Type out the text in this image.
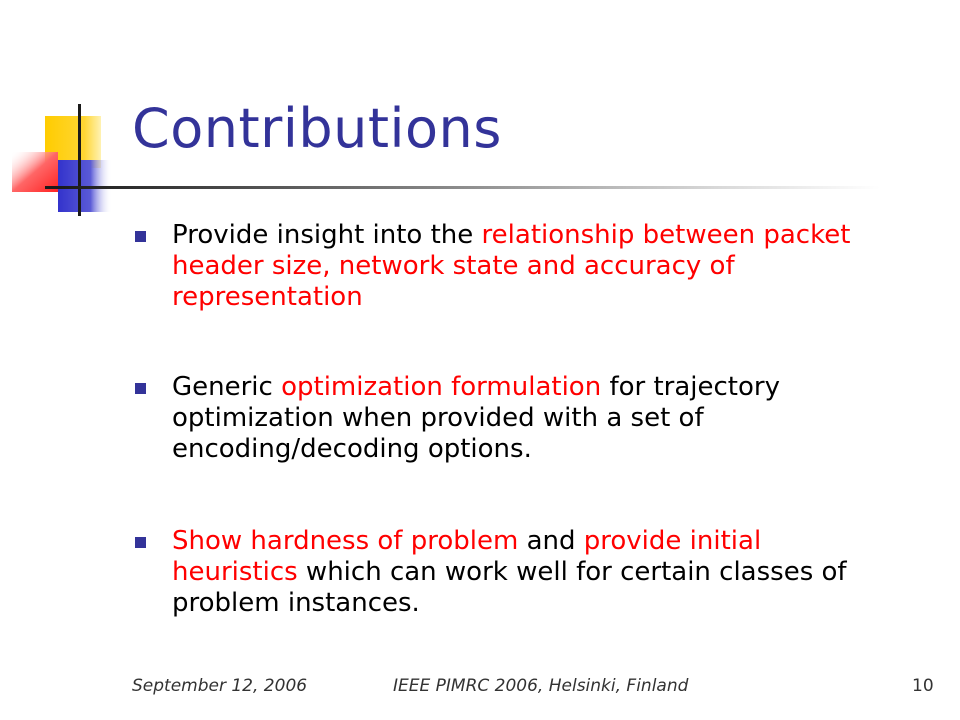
Contributions
Provide insight into the relationship between packet header size, network state and accuracy of representation
Generic optimization formulation for trajectory optimization when provided with a set of encoding/decoding options.
Show hardness of problem and provide initial heuristics which can work well for certain classes of problem instances.
September 12, 2006	IEEE PIMRC 2006, Helsinki, Finland	10
